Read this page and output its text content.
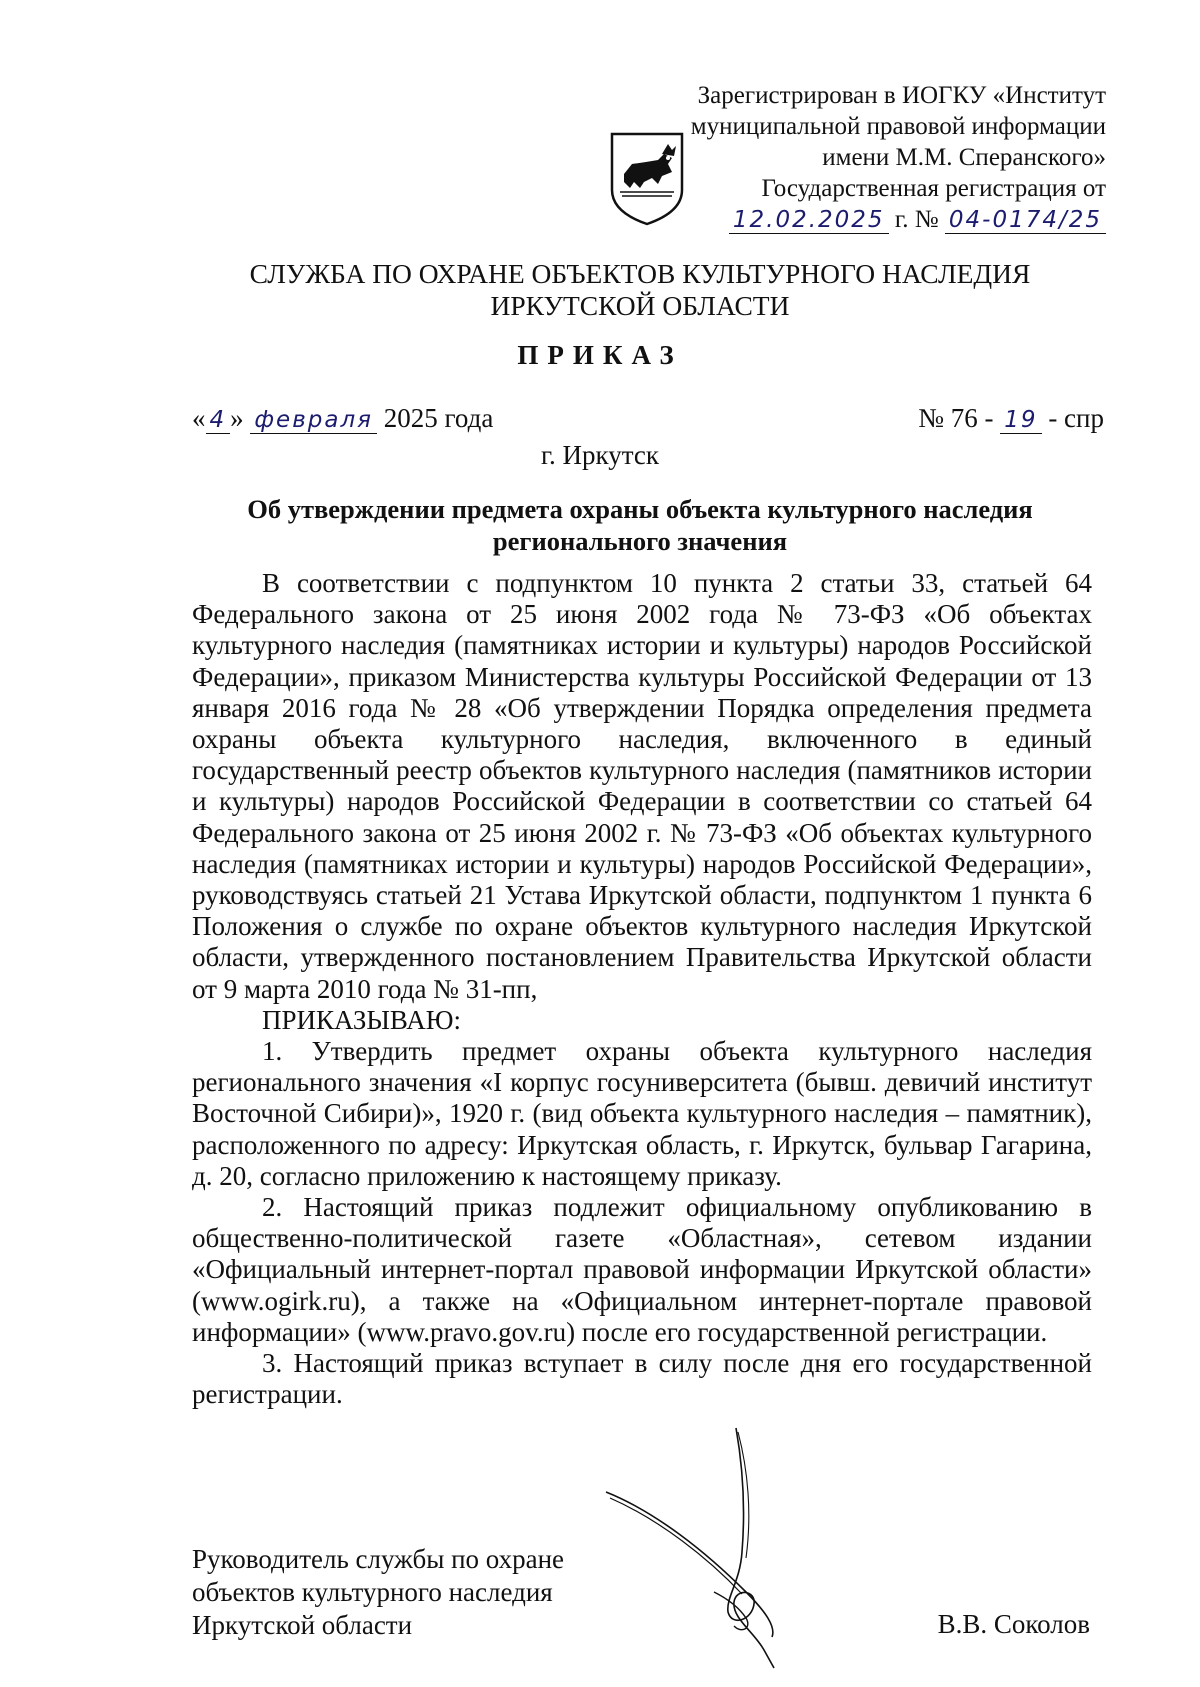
Зарегистрирован в ИОГКУ «Институт
муниципальной правовой информации
имени М.М. Сперанского»
Государственная регистрация от
12.02.2025 г. № 04-0174/25
СЛУЖБА ПО ОХРАНЕ ОБЪЕКТОВ КУЛЬТУРНОГО НАСЛЕДИЯ
ИРКУТСКОЙ ОБЛАСТИ
ПРИКАЗ
« 4 » февраля 2025 года	№ 76 - 19 - спр
г. Иркутск
Об утверждении предмета охраны объекта культурного наследия
регионального значения

В соответствии с подпунктом 10 пункта 2 статьи 33, статьей 64 Федерального закона от 25 июня 2002 года № 73-ФЗ «Об объектах культурного наследия (памятниках истории и культуры) народов Российской Федерации», приказом Министерства культуры Российской Федерации от 13 января 2016 года № 28 «Об утверждении Порядка определения предмета охраны объекта культурного наследия, включенного в единый государственный реестр объектов культурного наследия (памятников истории и культуры) народов Российской Федерации в соответствии со статьей 64 Федерального закона от 25 июня 2002 г. № 73-ФЗ «Об объектах культурного наследия (памятниках истории и культуры) народов Российской Федерации», руководствуясь статьей 21 Устава Иркутской области, подпунктом 1 пункта 6 Положения о службе по охране объектов культурного наследия Иркутской области, утвержденного постановлением Правительства Иркутской области от 9 марта 2010 года № 31-пп,

ПРИКАЗЫВАЮ:

1. Утвердить предмет охраны объекта культурного наследия регионального значения «I корпус госуниверситета (бывш. девичий институт Восточной Сибири)», 1920 г. (вид объекта культурного наследия – памятник), расположенного по адресу: Иркутская область, г. Иркутск, бульвар Гагарина, д. 20, согласно приложению к настоящему приказу.

2. Настоящий приказ подлежит официальному опубликованию в общественно-политической газете «Областная», сетевом издании «Официальный интернет-портал правовой информации Иркутской области» (www.ogirk.ru), а также на «Официальном интернет-портале правовой информации» (www.pravo.gov.ru) после его государственной регистрации.

3. Настоящий приказ вступает в силу после дня его государственной регистрации.

Руководитель службы по охране
объектов культурного наследия
Иркутской области	В.В. Соколов
